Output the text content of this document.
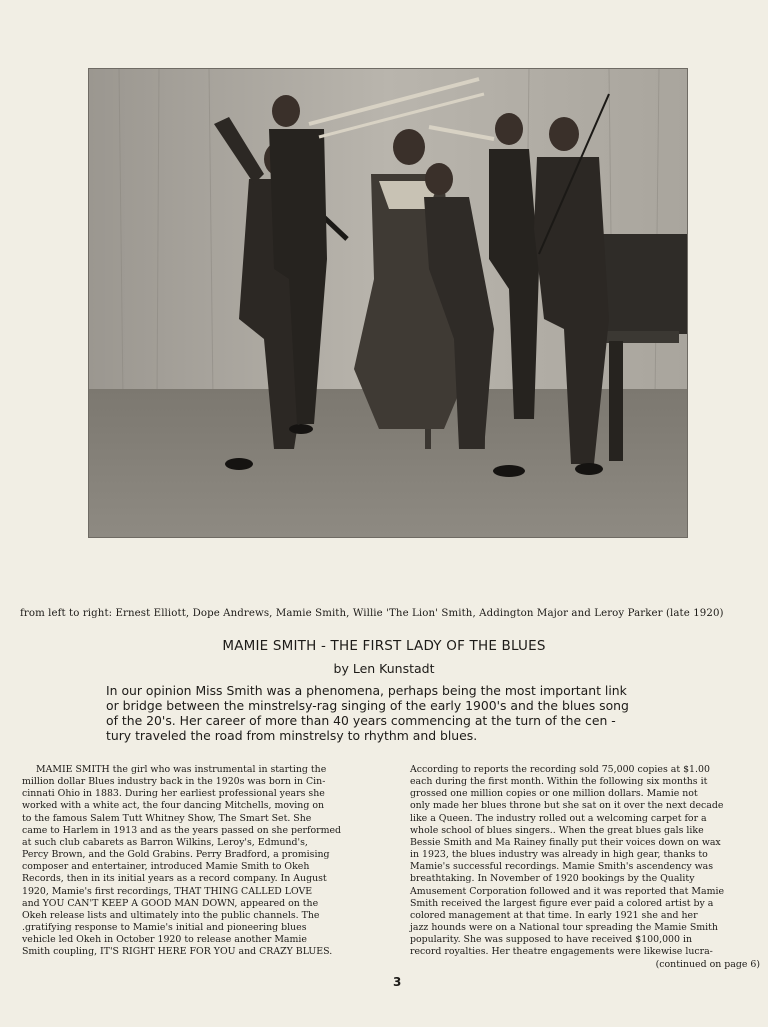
from left to right: Ernest Elliott, Dope Andrews, Mamie Smith, Willie 'The Lion' Smith, Addington Major and Leroy Parker (late 1920)
MAMIE SMITH - THE FIRST LADY OF THE BLUES
by Len Kunstadt
In our opinion Miss Smith was a phenomena, perhaps being the most important link
or bridge between the minstrelsy-rag singing of the early 1900's and the blues song
of the 20's. Her career of more than 40 years commencing at the turn of the cen -
tury traveled the road from minstrelsy to rhythm and blues.
MAMIE SMITH the girl who was instrumental in starting the
million dollar Blues industry back in the 1920s was born in Cin-
cinnati Ohio in 1883. During her earliest professional years she
worked with a white act, the four dancing Mitchells, moving on
to the famous Salem Tutt Whitney Show, The Smart Set. She
came to Harlem in 1913 and as the years passed on she performed
at such club cabarets as Barron Wilkins, Leroy's, Edmund's,
Percy Brown, and the Gold Grabins. Perry Bradford, a promising
composer and entertainer, introduced Mamie Smith to Okeh
Records, then in its initial years as a record company. In August
1920, Mamie's first recordings, THAT THING CALLED LOVE
and YOU CAN'T KEEP A GOOD MAN DOWN, appeared on the
Okeh release lists and ultimately into the public channels. The
.gratifying response to Mamie's initial and pioneering blues
vehicle led Okeh in October 1920 to release another Mamie
Smith coupling, IT'S RIGHT HERE FOR YOU and CRAZY BLUES.
According to reports the recording sold 75,000 copies at $1.00
each during the first month. Within the following six months it
grossed one million copies or one million dollars. Mamie not
only made her blues throne but she sat on it over the next decade
like a Queen. The industry rolled out a welcoming carpet for a
whole school of blues singers.. When the great blues gals like
Bessie Smith and Ma Rainey finally put their voices down on wax
in 1923, the blues industry was already in high gear, thanks to
Mamie's successful recordings. Mamie Smith's ascendency was
breathtaking. In November of 1920 bookings by the Quality
Amusement Corporation followed and it was reported that Mamie
Smith received the largest figure ever paid a colored artist by a
colored management at that time. In early 1921 she and her
jazz hounds were on a National tour spreading the Mamie Smith
popularity. She was supposed to have received $100,000 in
record royalties. Her theatre engagements were likewise lucra-
(continued on page 6)
3
